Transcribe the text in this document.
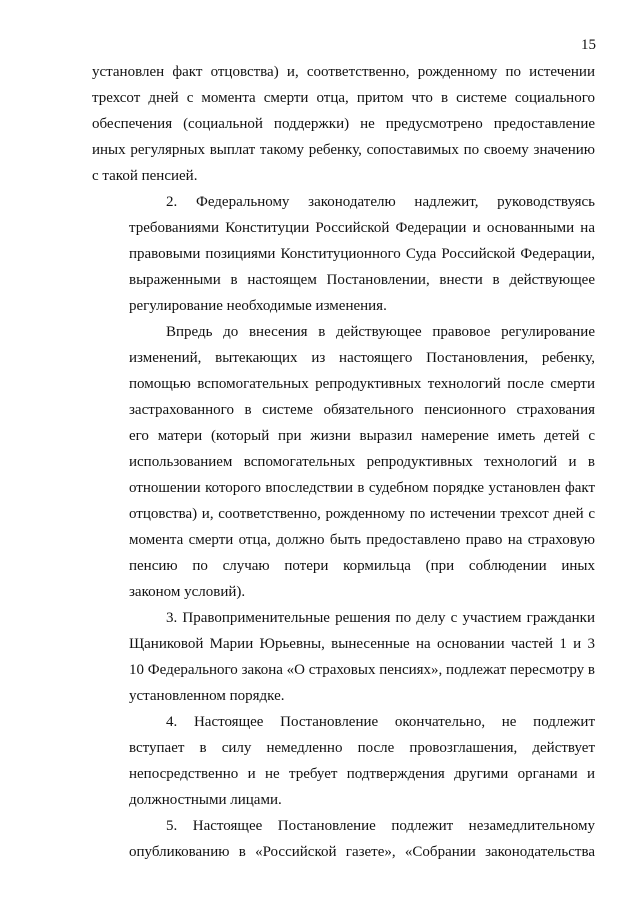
15
установлен факт отцовства) и, соответственно, рожденному по истечении
трехсот дней с момента смерти отца, притом что в системе социального
обеспечения (социальной поддержки) не предусмотрено предоставление
иных регулярных выплат такому ребенку, сопоставимых по своему значению
с такой пенсией.
2. Федеральному законодателю надлежит, руководствуясь
требованиями Конституции Российской Федерации и основанными на
правовыми позициями Конституционного Суда Российской Федерации,
выраженными в настоящем Постановлении, внести в действующее
регулирование необходимые изменения.
Впредь до внесения в действующее правовое регулирование
изменений, вытекающих из настоящего Постановления, ребенку,
помощью вспомогательных репродуктивных технологий после смерти
застрахованного в системе обязательного пенсионного страхования
его матери (который при жизни выразил намерение иметь детей с
использованием вспомогательных репродуктивных технологий и в
отношении которого впоследствии в судебном порядке установлен факт
отцовства) и, соответственно, рожденному по истечении трехсот дней с
момента смерти отца, должно быть предоставлено право на страховую
пенсию по случаю потери кормильца (при соблюдении иных
законом условий).
3. Правоприменительные решения по делу с участием гражданки
Щаниковой Марии Юрьевны, вынесенные на основании частей 1 и 3
10 Федерального закона «О страховых пенсиях», подлежат пересмотру в
установленном порядке.
4. Настоящее Постановление окончательно, не подлежит
вступает в силу немедленно после провозглашения, действует
непосредственно и не требует подтверждения другими органами и
должностными лицами.
5. Настоящее Постановление подлежит незамедлительному
опубликованию в «Российской газете», «Собрании законодательства
